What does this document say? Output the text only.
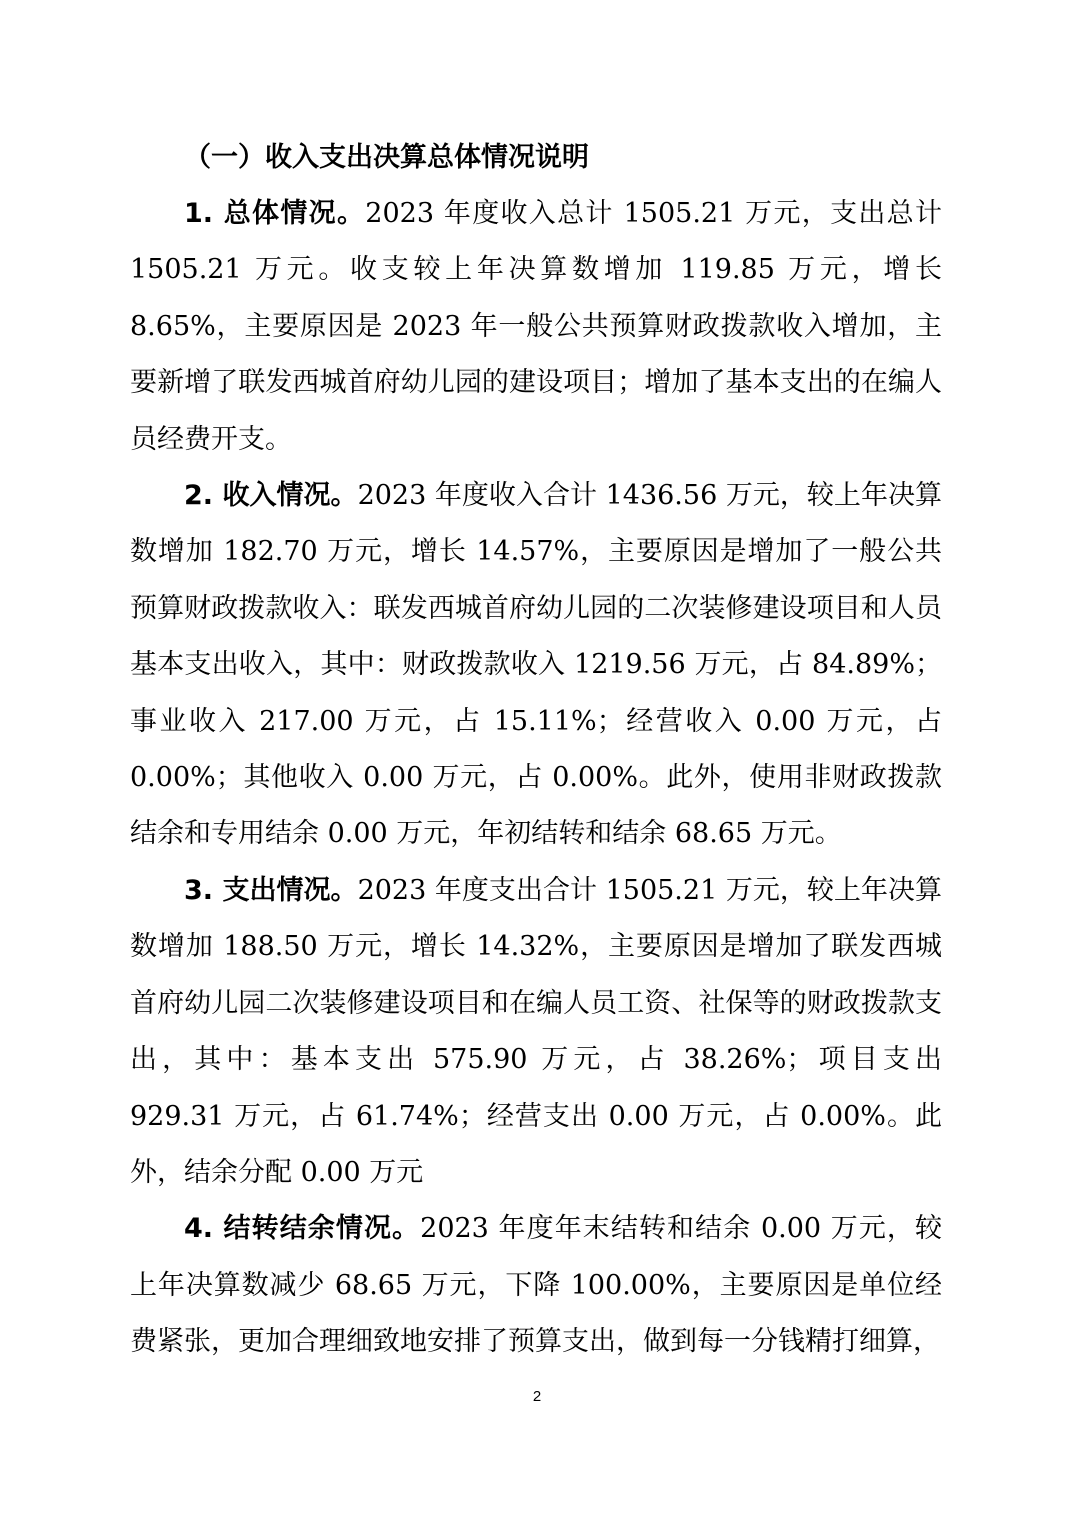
（一）收入支出决算总体情况说明

1. 总体情况。2023 年度收入总计 1505.21 万元，支出总计 1505.21 万元。收支较上年决算数增加 119.85 万元，增长 8.65%，主要原因是 2023 年一般公共预算财政拨款收入增加，主要新增了联发西城首府幼儿园的建设项目；增加了基本支出的在编人员经费开支。

2. 收入情况。2023 年度收入合计 1436.56 万元，较上年决算数增加 182.70 万元，增长 14.57%，主要原因是增加了一般公共预算财政拨款收入：联发西城首府幼儿园的二次装修建设项目和人员基本支出收入，其中：财政拨款收入 1219.56 万元，占 84.89%；事业收入 217.00 万元，占 15.11%；经营收入 0.00 万元，占 0.00%；其他收入 0.00 万元，占 0.00%。此外，使用非财政拨款结余和专用结余 0.00 万元，年初结转和结余 68.65 万元。

3. 支出情况。2023 年度支出合计 1505.21 万元，较上年决算数增加 188.50 万元，增长 14.32%，主要原因是增加了联发西城首府幼儿园二次装修建设项目和在编人员工资、社保等的财政拨款支出，其中：基本支出 575.90 万元，占 38.26%；项目支出 929.31 万元，占 61.74%；经营支出 0.00 万元，占 0.00%。此外，结余分配 0.00 万元

4. 结转结余情况。2023 年度年末结转和结余 0.00 万元，较上年决算数减少 68.65 万元，下降 100.00%，主要原因是单位经费紧张，更加合理细致地安排了预算支出，做到每一分钱精打细算，

2
